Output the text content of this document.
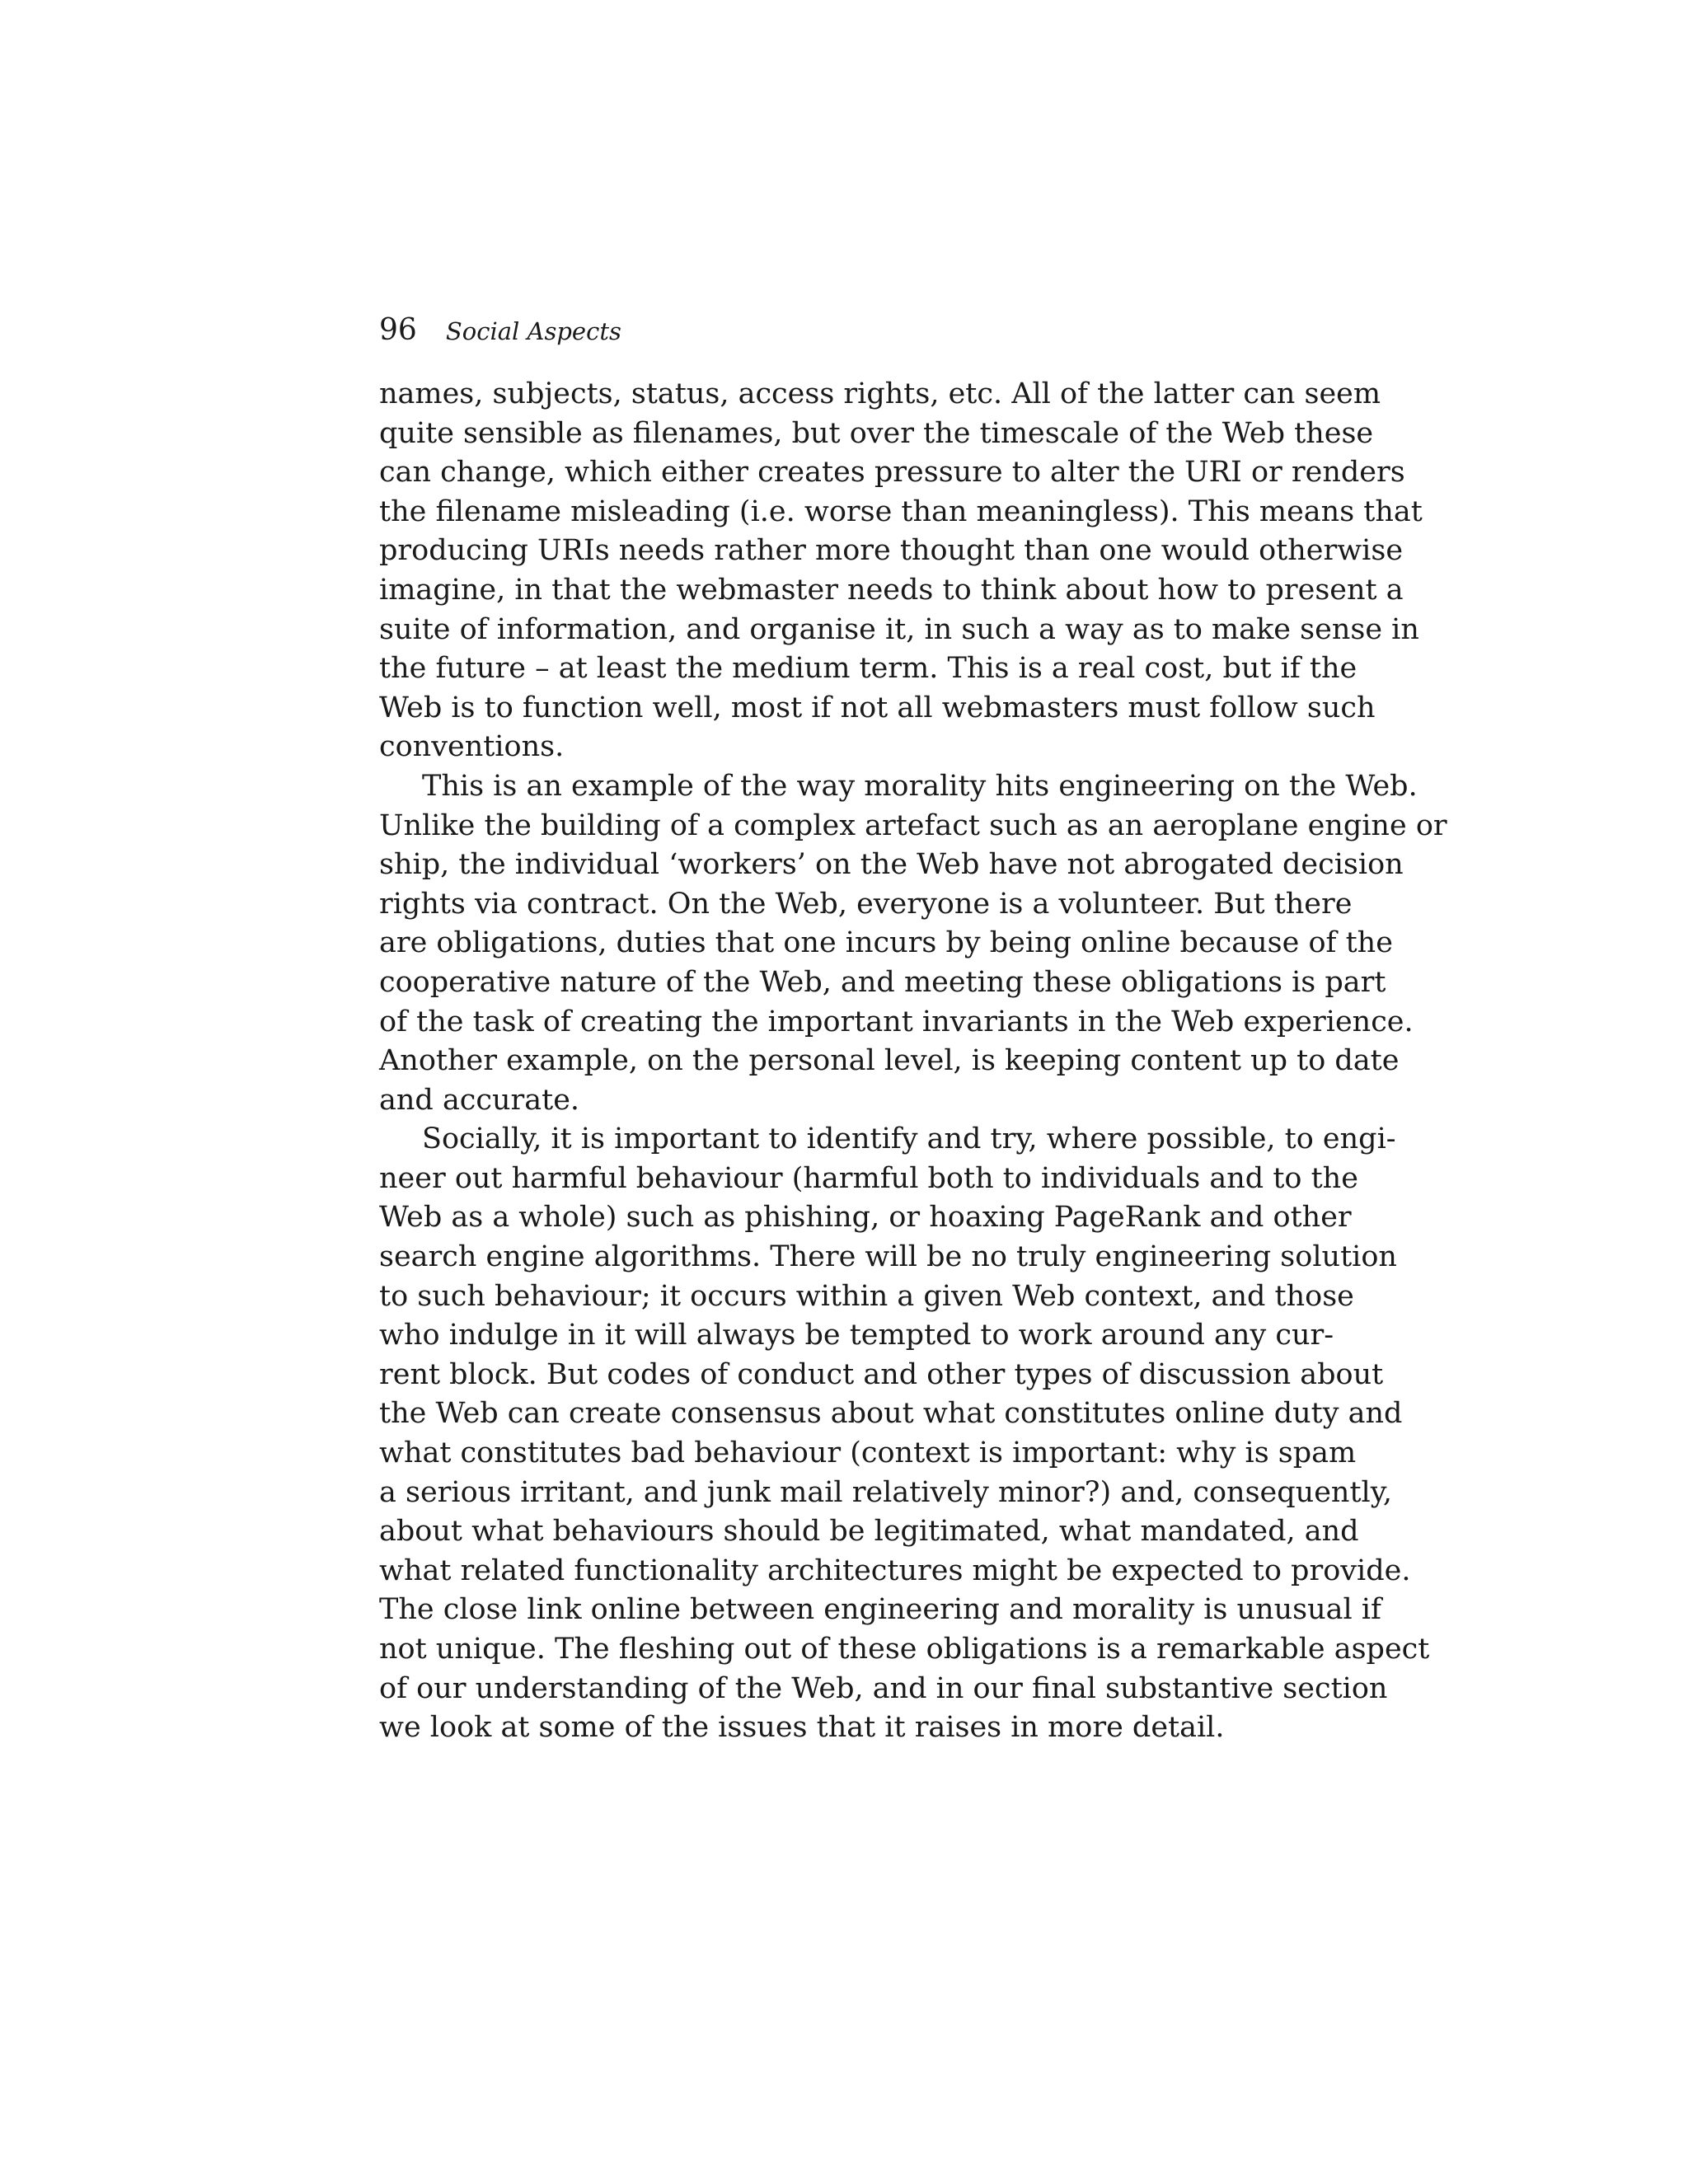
96 Social Aspects
names, subjects, status, access rights, etc. All of the latter can seem
quite sensible as filenames, but over the timescale of the Web these
can change, which either creates pressure to alter the URI or renders
the filename misleading (i.e. worse than meaningless). This means that
producing URIs needs rather more thought than one would otherwise
imagine, in that the webmaster needs to think about how to present a
suite of information, and organise it, in such a way as to make sense in
the future – at least the medium term. This is a real cost, but if the
Web is to function well, most if not all webmasters must follow such
conventions.
This is an example of the way morality hits engineering on the Web.
Unlike the building of a complex artefact such as an aeroplane engine or
ship, the individual ‘workers’ on the Web have not abrogated decision
rights via contract. On the Web, everyone is a volunteer. But there
are obligations, duties that one incurs by being online because of the
cooperative nature of the Web, and meeting these obligations is part
of the task of creating the important invariants in the Web experience.
Another example, on the personal level, is keeping content up to date
and accurate.
Socially, it is important to identify and try, where possible, to engi-
neer out harmful behaviour (harmful both to individuals and to the
Web as a whole) such as phishing, or hoaxing PageRank and other
search engine algorithms. There will be no truly engineering solution
to such behaviour; it occurs within a given Web context, and those
who indulge in it will always be tempted to work around any cur-
rent block. But codes of conduct and other types of discussion about
the Web can create consensus about what constitutes online duty and
what constitutes bad behaviour (context is important: why is spam
a serious irritant, and junk mail relatively minor?) and, consequently,
about what behaviours should be legitimated, what mandated, and
what related functionality architectures might be expected to provide.
The close link online between engineering and morality is unusual if
not unique. The fleshing out of these obligations is a remarkable aspect
of our understanding of the Web, and in our final substantive section
we look at some of the issues that it raises in more detail.
